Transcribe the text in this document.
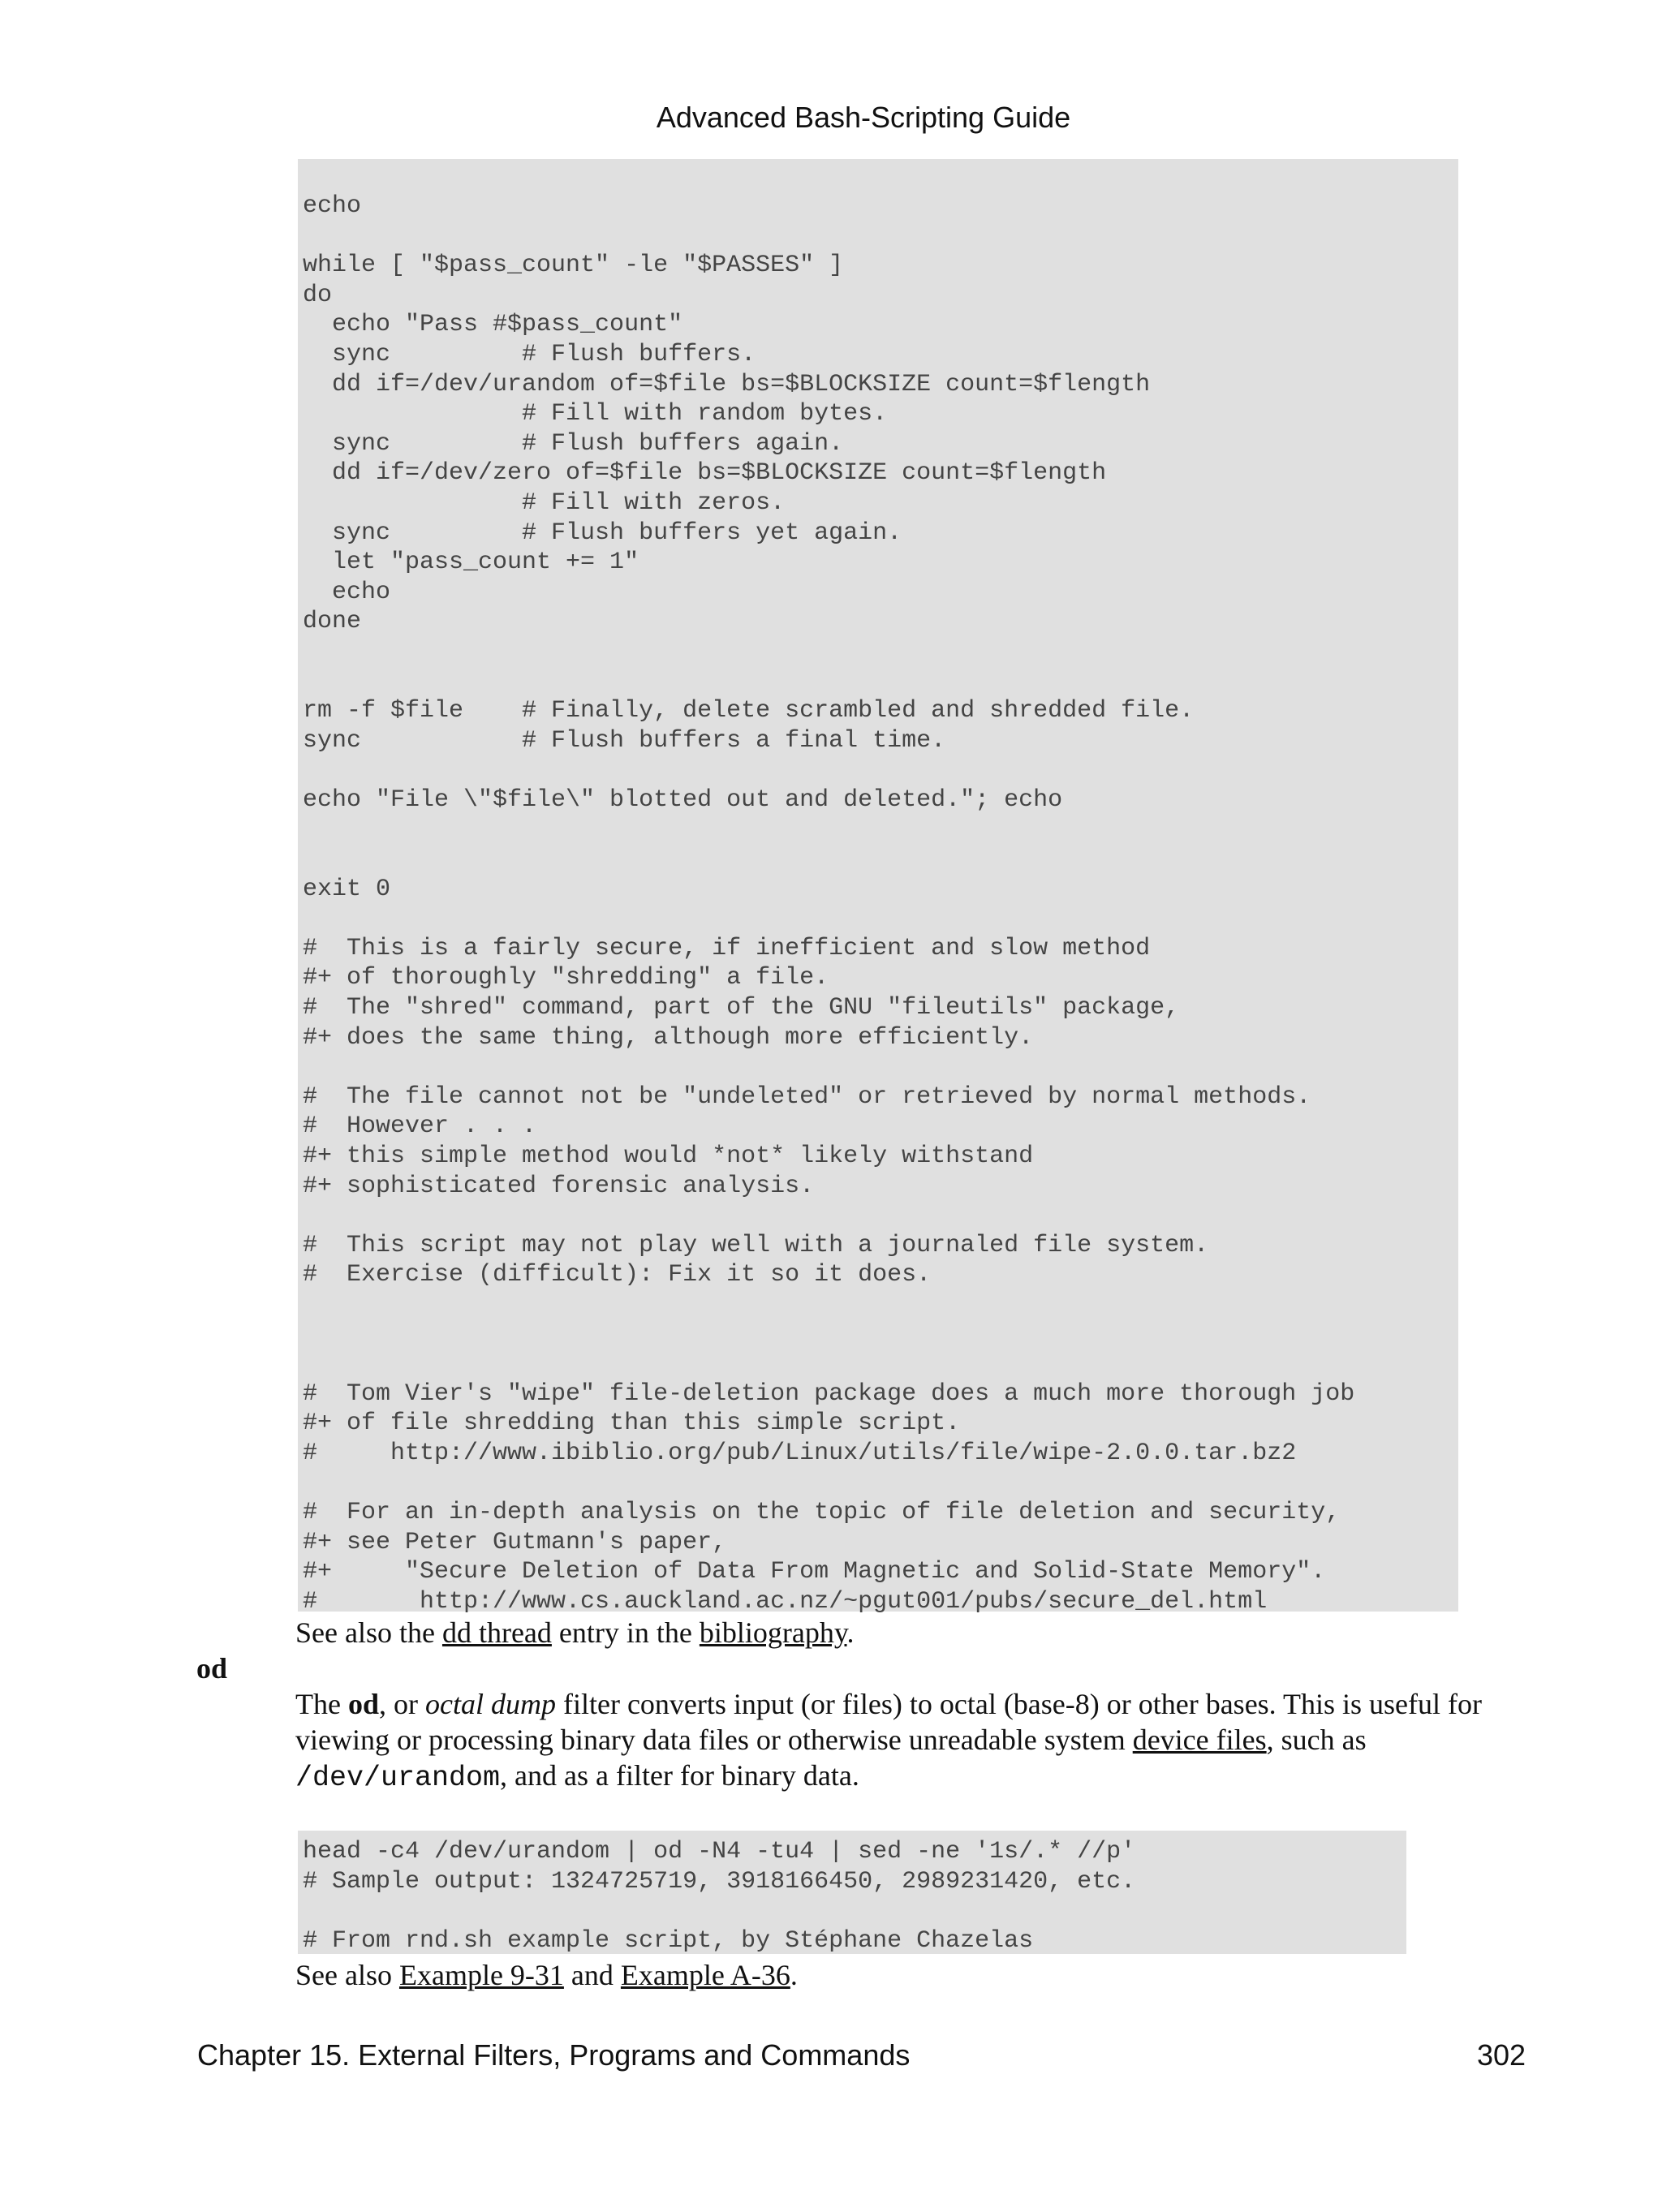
Advanced Bash-Scripting Guide
echo

while [ "$pass_count" -le "$PASSES" ]
do
echo "Pass #$pass_count"
sync         # Flush buffers.
dd if=/dev/urandom of=$file bs=$BLOCKSIZE count=$flength
# Fill with random bytes.
sync         # Flush buffers again.
dd if=/dev/zero of=$file bs=$BLOCKSIZE count=$flength
# Fill with zeros.
sync         # Flush buffers yet again.
let "pass_count += 1"
echo
done

rm -f $file    # Finally, delete scrambled and shredded file.
sync           # Flush buffers a final time.

echo "File \"$file\" blotted out and deleted."; echo

exit 0

#  This is a fairly secure, if inefficient and slow method
#+ of thoroughly "shredding" a file.
#  The "shred" command, part of the GNU "fileutils" package,
#+ does the same thing, although more efficiently.

#  The file cannot not be "undeleted" or retrieved by normal methods.
#  However . . .
#+ this simple method would *not* likely withstand
#+ sophisticated forensic analysis.

#  This script may not play well with a journaled file system.
#  Exercise (difficult): Fix it so it does.

#  Tom Vier's "wipe" file-deletion package does a much more thorough job
#+ of file shredding than this simple script.
#     http://www.ibiblio.org/pub/Linux/utils/file/wipe-2.0.0.tar.bz2

#  For an in-depth analysis on the topic of file deletion and security,
#+ see Peter Gutmann's paper,
#+     "Secure Deletion of Data From Magnetic and Solid-State Memory".
#       http://www.cs.auckland.ac.nz/~pgut001/pubs/secure_del.html
See also the dd thread entry in the bibliography.
od
The od, or octal dump filter converts input (or files) to octal (base-8) or other bases. This is useful for viewing or processing binary data files or otherwise unreadable system device files, such as /dev/urandom, and as a filter for binary data.
head -c4 /dev/urandom | od -N4 -tu4 | sed -ne '1s/.* //p'
# Sample output: 1324725719, 3918166450, 2989231420, etc.

# From rnd.sh example script, by Stéphane Chazelas
See also Example 9-31 and Example A-36.
Chapter 15. External Filters, Programs and Commands	302
